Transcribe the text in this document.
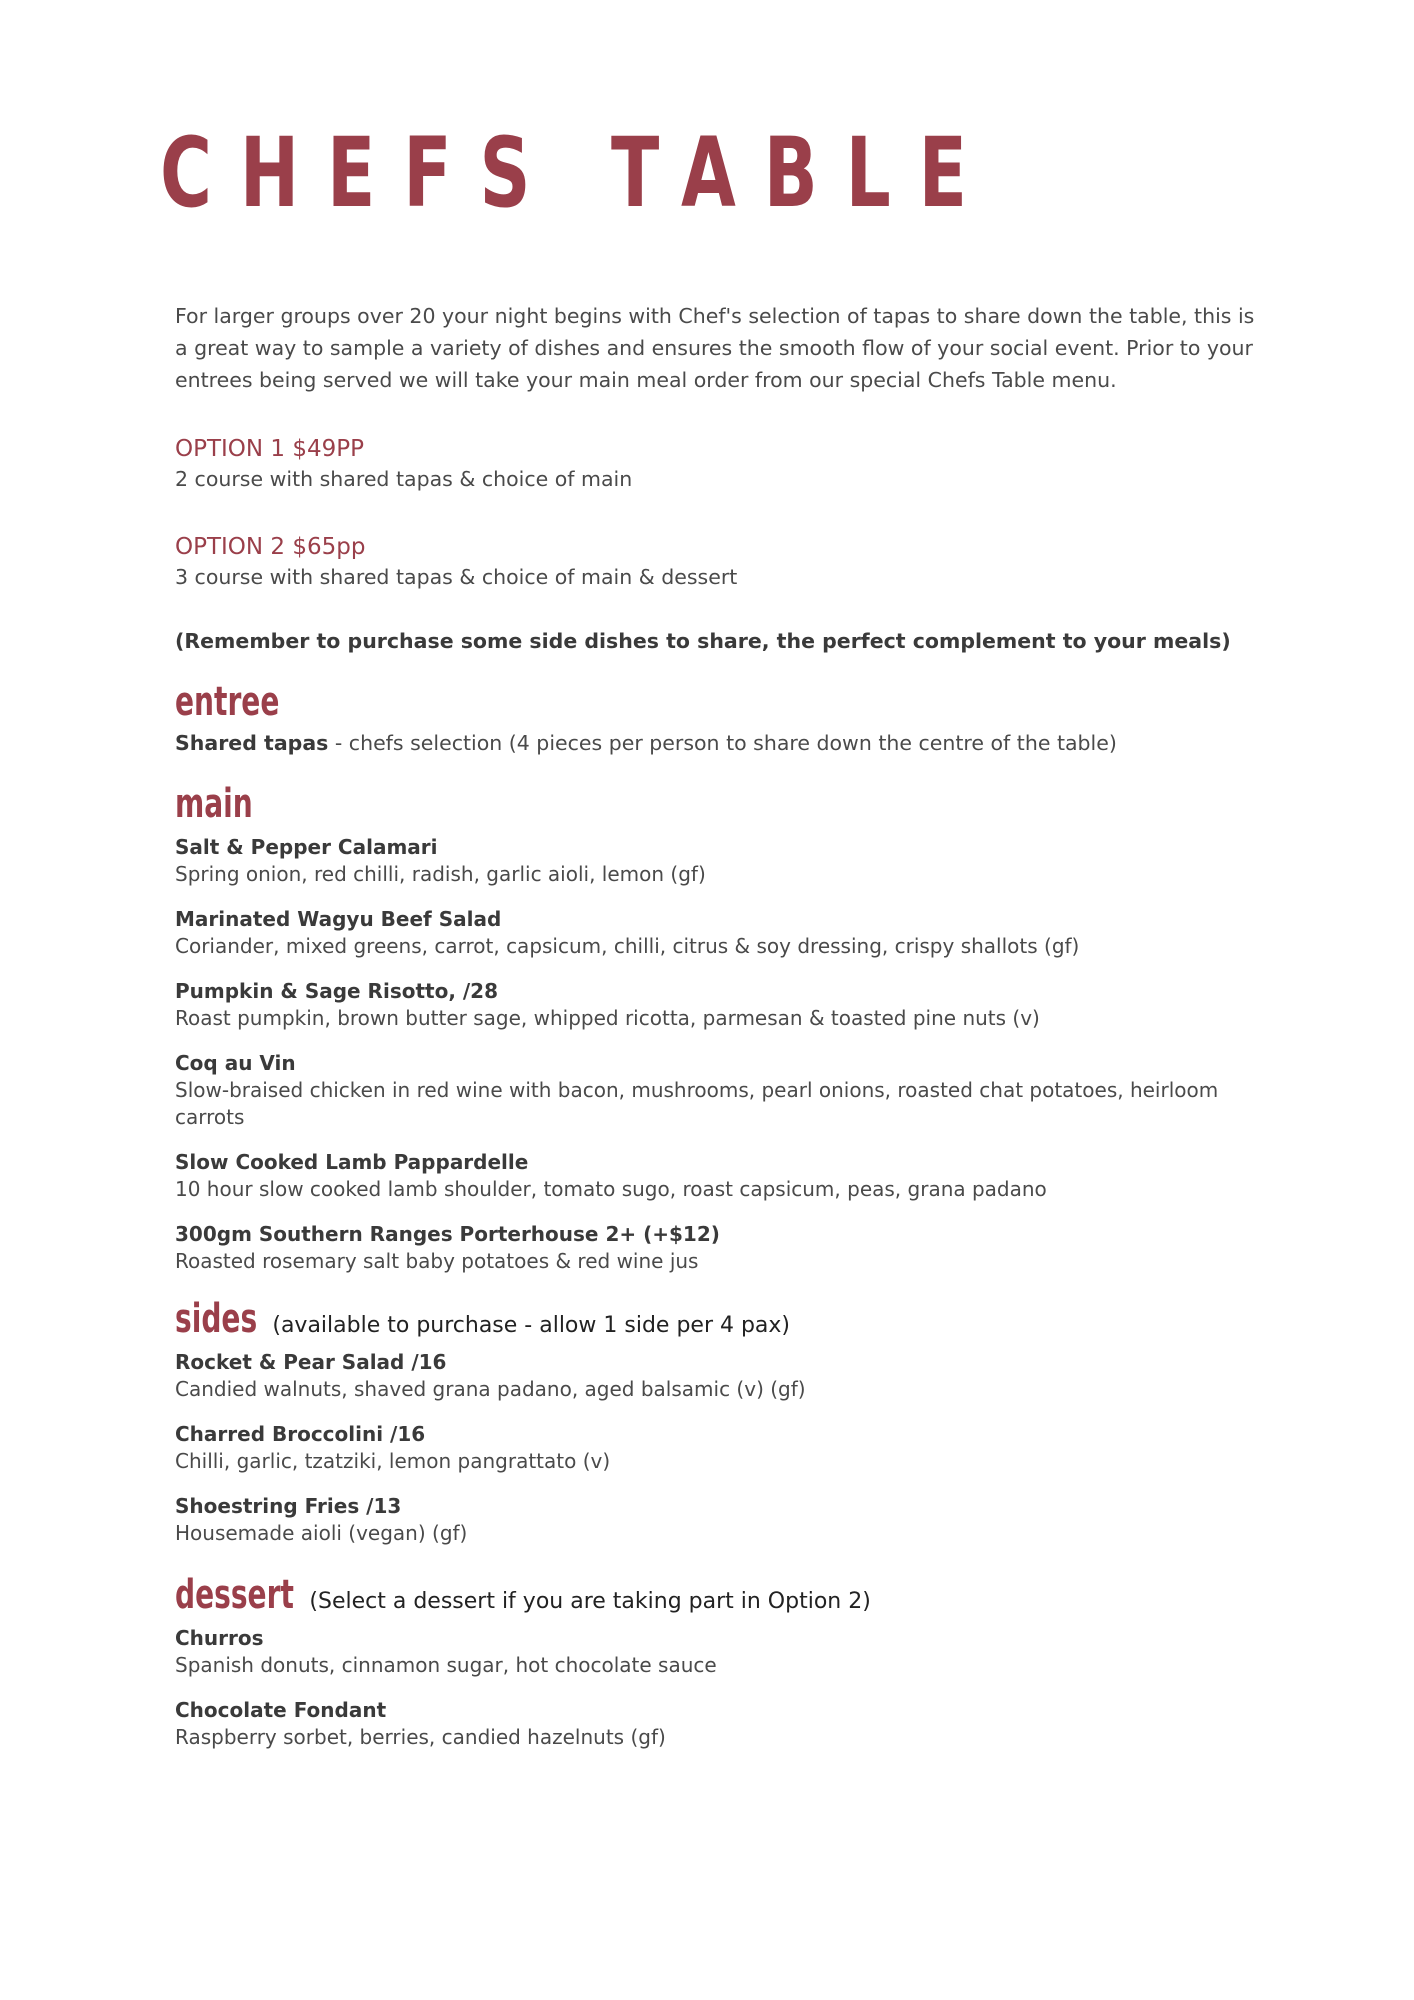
CHEFS TABLE

For larger groups over 20 your night begins with Chef's selection of tapas to share down the table, this is a great way to sample a variety of dishes and ensures the smooth flow of your social event. Prior to your entrees being served we will take your main meal order from our special Chefs Table menu.

OPTION 1 $49PP
2 course with shared tapas & choice of main
OPTION 2 $65pp
3 course with shared tapas & choice of main & dessert
(Remember to purchase some side dishes to share, the perfect complement to your meals)
entree
Shared tapas - chefs selection (4 pieces per person to share down the centre of the table)
main
Salt & Pepper Calamari
Spring onion, red chilli, radish, garlic aioli, lemon (gf)
Marinated Wagyu Beef Salad
Coriander, mixed greens, carrot, capsicum, chilli, citrus & soy dressing, crispy shallots (gf)
Pumpkin & Sage Risotto, /28
Roast pumpkin, brown butter sage, whipped ricotta, parmesan & toasted pine nuts (v)
Coq au Vin
Slow-braised chicken in red wine with bacon, mushrooms, pearl onions, roasted chat potatoes, heirloom carrots
Slow Cooked Lamb Pappardelle
10 hour slow cooked lamb shoulder, tomato sugo, roast capsicum, peas, grana padano
300gm Southern Ranges Porterhouse 2+ (+$12)
Roasted rosemary salt baby potatoes & red wine jus
sides (available to purchase - allow 1 side per 4 pax)
Rocket & Pear Salad /16
Candied walnuts, shaved grana padano, aged balsamic (v) (gf)
Charred Broccolini /16
Chilli, garlic, tzatziki, lemon pangrattato (v)
Shoestring Fries /13
Housemade aioli (vegan) (gf)
dessert (Select a dessert if you are taking part in Option 2)
Churros
Spanish donuts, cinnamon sugar, hot chocolate sauce
Chocolate Fondant
Raspberry sorbet, berries, candied hazelnuts (gf)
